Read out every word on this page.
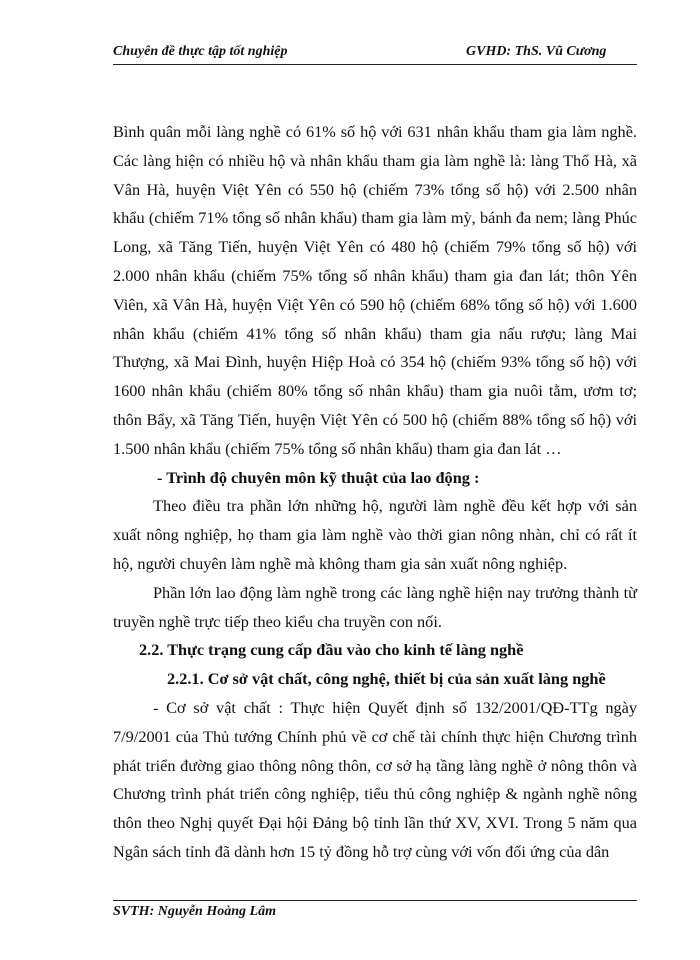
Chuyên đề thực tập tốt nghiệp	GVHD: ThS. Vũ Cương

Bình quân mỗi làng nghề có 61% số hộ với 631 nhân khẩu tham gia làm nghề. Các làng hiện có nhiều hộ và nhân khẩu tham gia làm nghề là: làng Thổ Hà, xã Vân Hà, huyện Việt Yên có 550 hộ (chiếm 73% tổng số hộ) với 2.500 nhân khẩu (chiếm 71% tổng số nhân khẩu) tham gia làm mỳ, bánh đa nem; làng Phúc Long, xã Tăng Tiến, huyện Việt Yên có 480 hộ (chiếm 79% tổng số hộ) với 2.000 nhân khẩu (chiếm 75% tổng số nhân khẩu) tham gia đan lát; thôn Yên Viên, xã Vân Hà, huyện Việt Yên có 590 hộ (chiếm 68% tổng số hộ) với 1.600 nhân khẩu (chiếm 41% tổng số nhân khẩu) tham gia nấu rượu; làng Mai Thượng, xã Mai Đình, huyện Hiệp Hoà có 354 hộ (chiếm 93% tổng số hộ) với 1600 nhân khẩu (chiếm 80% tổng số nhân khẩu) tham gia nuôi tằm, ươm tơ; thôn Bẩy, xã Tăng Tiến, huyện Việt Yên có 500 hộ (chiếm 88% tổng số hộ) với 1.500 nhân khẩu (chiếm 75% tổng số nhân khẩu) tham gia đan lát …

- Trình độ chuyên môn kỹ thuật của lao động :

Theo điều tra phần lớn những hộ, người làm nghề đều kết hợp với sản xuất nông nghiệp, họ tham gia làm nghề vào thời gian nông nhàn, chỉ có rất ít hộ, người chuyên làm nghề mà không tham gia sản xuất nông nghiệp.

Phần lớn lao động làm nghề trong các làng nghề hiện nay trưởng thành từ truyền nghề trực tiếp theo kiểu cha truyền con nối.

2.2. Thực trạng cung cấp đầu vào cho kinh tế làng nghề

2.2.1. Cơ sở vật chất, công nghệ, thiết bị của sản xuất làng nghề

- Cơ sở vật chất : Thực hiện Quyết định số 132/2001/QĐ-TTg ngày 7/9/2001 của Thủ tướng Chính phủ về cơ chế tài chính thực hiện Chương trình phát triển đường giao thông nông thôn, cơ sở hạ tầng làng nghề ở nông thôn và Chương trình phát triển công nghiệp, tiểu thủ công nghiệp & ngành nghề nông thôn theo Nghị quyết Đại hội Đảng bộ tỉnh lần thứ XV, XVI. Trong 5 năm qua Ngân sách tỉnh đã dành hơn 15 tỷ đồng hỗ trợ cùng với vốn đối ứng của dân

SVTH: Nguyễn Hoàng Lâm
